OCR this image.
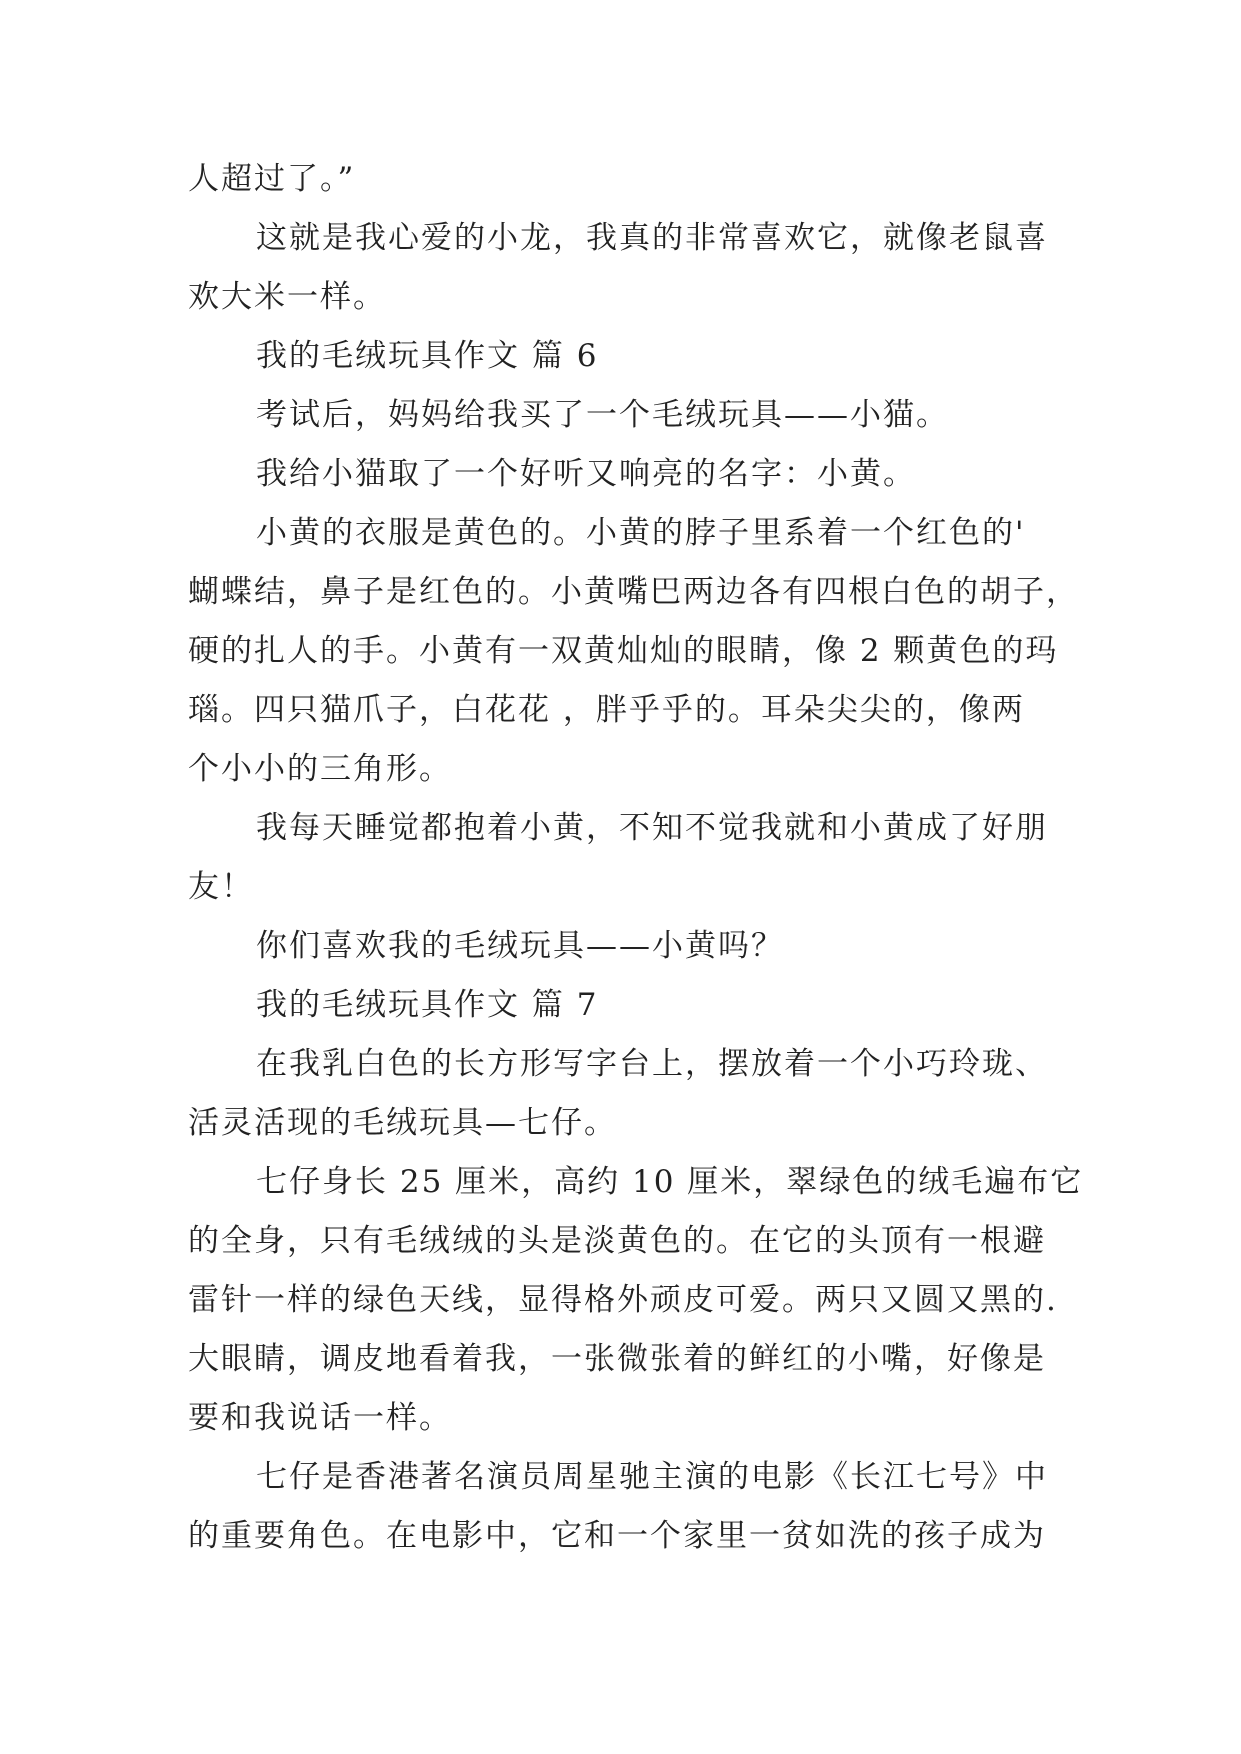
人超过了。”
这就是我心爱的小龙，我真的非常喜欢它，就像老鼠喜
欢大米一样。
我的毛绒玩具作文 篇 6
考试后，妈妈给我买了一个毛绒玩具——小猫。
我给小猫取了一个好听又响亮的名字：小黄。
小黄的衣服是黄色的。小黄的脖子里系着一个红色的'
蝴蝶结，鼻子是红色的。小黄嘴巴两边各有四根白色的胡子，
硬的扎人的手。小黄有一双黄灿灿的眼睛，像 2 颗黄色的玛
瑙。四只猫爪子，白花花 ，胖乎乎的。耳朵尖尖的，像两
个小小的三角形。
我每天睡觉都抱着小黄，不知不觉我就和小黄成了好朋
友！
你们喜欢我的毛绒玩具——小黄吗？
我的毛绒玩具作文 篇 7
在我乳白色的长方形写字台上，摆放着一个小巧玲珑、
活灵活现的毛绒玩具—七仔。
七仔身长 25 厘米，高约 10 厘米，翠绿色的绒毛遍布它
的全身，只有毛绒绒的头是淡黄色的。在它的头顶有一根避
雷针一样的绿色天线，显得格外顽皮可爱。两只又圆又黑的.
大眼睛，调皮地看着我，一张微张着的鲜红的小嘴，好像是
要和我说话一样。
七仔是香港著名演员周星驰主演的电影《长江七号》中
的重要角色。在电影中，它和一个家里一贫如洗的孩子成为
